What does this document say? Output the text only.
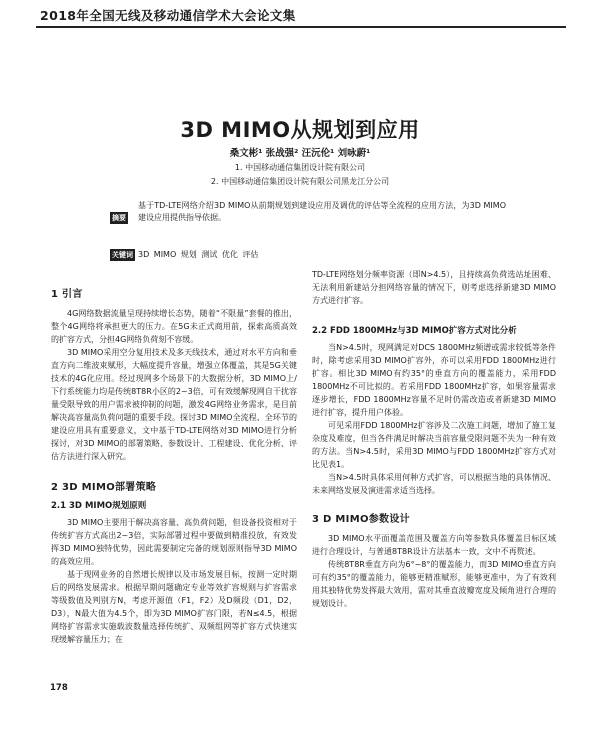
2018年全国无线及移动通信学术大会论文集
3D MIMO从规划到应用
桑文彬¹ 张战强² 汪沅伦¹ 刘咏蔚¹
1. 中国移动通信集团设计院有限公司
2. 中国移动通信集团设计院有限公司黑龙江分公司
摘要
基于TD-LTE网络介绍3D MIMO从前期规划到建设应用及调优的评估等全流程的应用方法，为3D MIMO建设应用提供指导依据。
关键词 3D MIMO 规划 测试 优化 评估
1 引言

4G网络数据流量呈现持续增长态势，随着“不限量”套餐的推出，整个4G网络将承担更大的压力。在5G未正式商用前，探索高质高效的扩容方式，分担4G网络负荷刻不容缓。

3D MIMO采用空分复用技术及多天线技术，通过对水平方向和垂直方向二维波束赋形，大幅度提升容量，增强立体覆盖，其是5G关键技术的4G化应用。经过现网多个场景下的大数据分析，3D MIMO上/下行系统能力均是传统8T8R小区的2~3倍，可有效缓解现网自干扰容量受限导致的用户需求被抑制的问题，激发4G网络业务需求，是目前解决高容量高负荷问题的重要手段。探讨3D MIMO全流程、全环节的建设应用具有重要意义，文中基于TD-LTE网络对3D MIMO进行分析探讨，对3D MIMO的部署策略、参数设计、工程建设、优化分析、评估方法进行深入研究。

2 3D MIMO部署策略
2.1 3D MIMO规划原则

3D MIMO主要用于解决高容量、高负荷问题，但设备投资相对于传统扩容方式高出2~3倍，实际部署过程中要做到精准投放，有效发挥3D MIMO独特优势，因此需要制定完备的规划原则指导3D MIMO的高效应用。

基于现网业务的自然增长规律以及市场发展目标，按测一定时期后的网络发展需求。根据早期问题确定专业等效扩容规则与扩容需求等级数值及判别方N，考虑开源值（F1，F2）及D频段（D1，D2，D3），N最大值为4.5个，即为3D MIMO扩容门限，若N≤4.5，根据网络扩容需求实施载波数量选择传统扩、双频组网等扩容方式快速实现缓解容量压力；在

TD-LTE网络划分频率资源（即N>4.5），且持续高负荷选站址困难、无法利用新建站分担网络容量的情况下，则考虑选择新建3D MIMO方式进行扩容。

2.2 FDD 1800MHz与3D MIMO扩容方式对比分析

当N>4.5时，现网满足对DCS 1800MHz频谱或需求较低等条件时，除考虑采用3D MIMO扩容外，亦可以采用FDD 1800MHz进行扩容。相比3D MIMO有约35°的垂直方向的覆盖能力，采用FDD 1800MHz不可比拟的。若采用FDD 1800MHz扩容，如果容量需求逐步增长，FDD 1800MHz容量不足时仍需改造或者新建3D MIMO进行扩容，提升用户体验。

可见采用FDD 1800MHz扩容涉及二次施工问题，增加了施工复杂度及难度，但当各件满足时解决当前容量受限问题不失为一种有效的方法。当N>4.5时，采用3D MIMO与FDD 1800MHz扩容方式对比见表1。

当N>4.5时具体采用何种方式扩容，可以根据当地的具体情况、未来网络发展及演进需求适当选择。

3 D MIMO参数设计

3D MIMO水平面覆盖范围及覆盖方向等参数具体覆盖目标区域进行合理设计，与普通8T8R设计方法基本一致，文中不再赘述。

传统8T8R垂直方向为6°~8°的覆盖能力，而3D MIMO垂直方向可有约35°的覆盖能力，能够更精准赋形，能够更准中，为了有效利用其独特优势发挥最大效用，需对其垂直波瓣宽度及倾角进行合理的规划设计。

178
